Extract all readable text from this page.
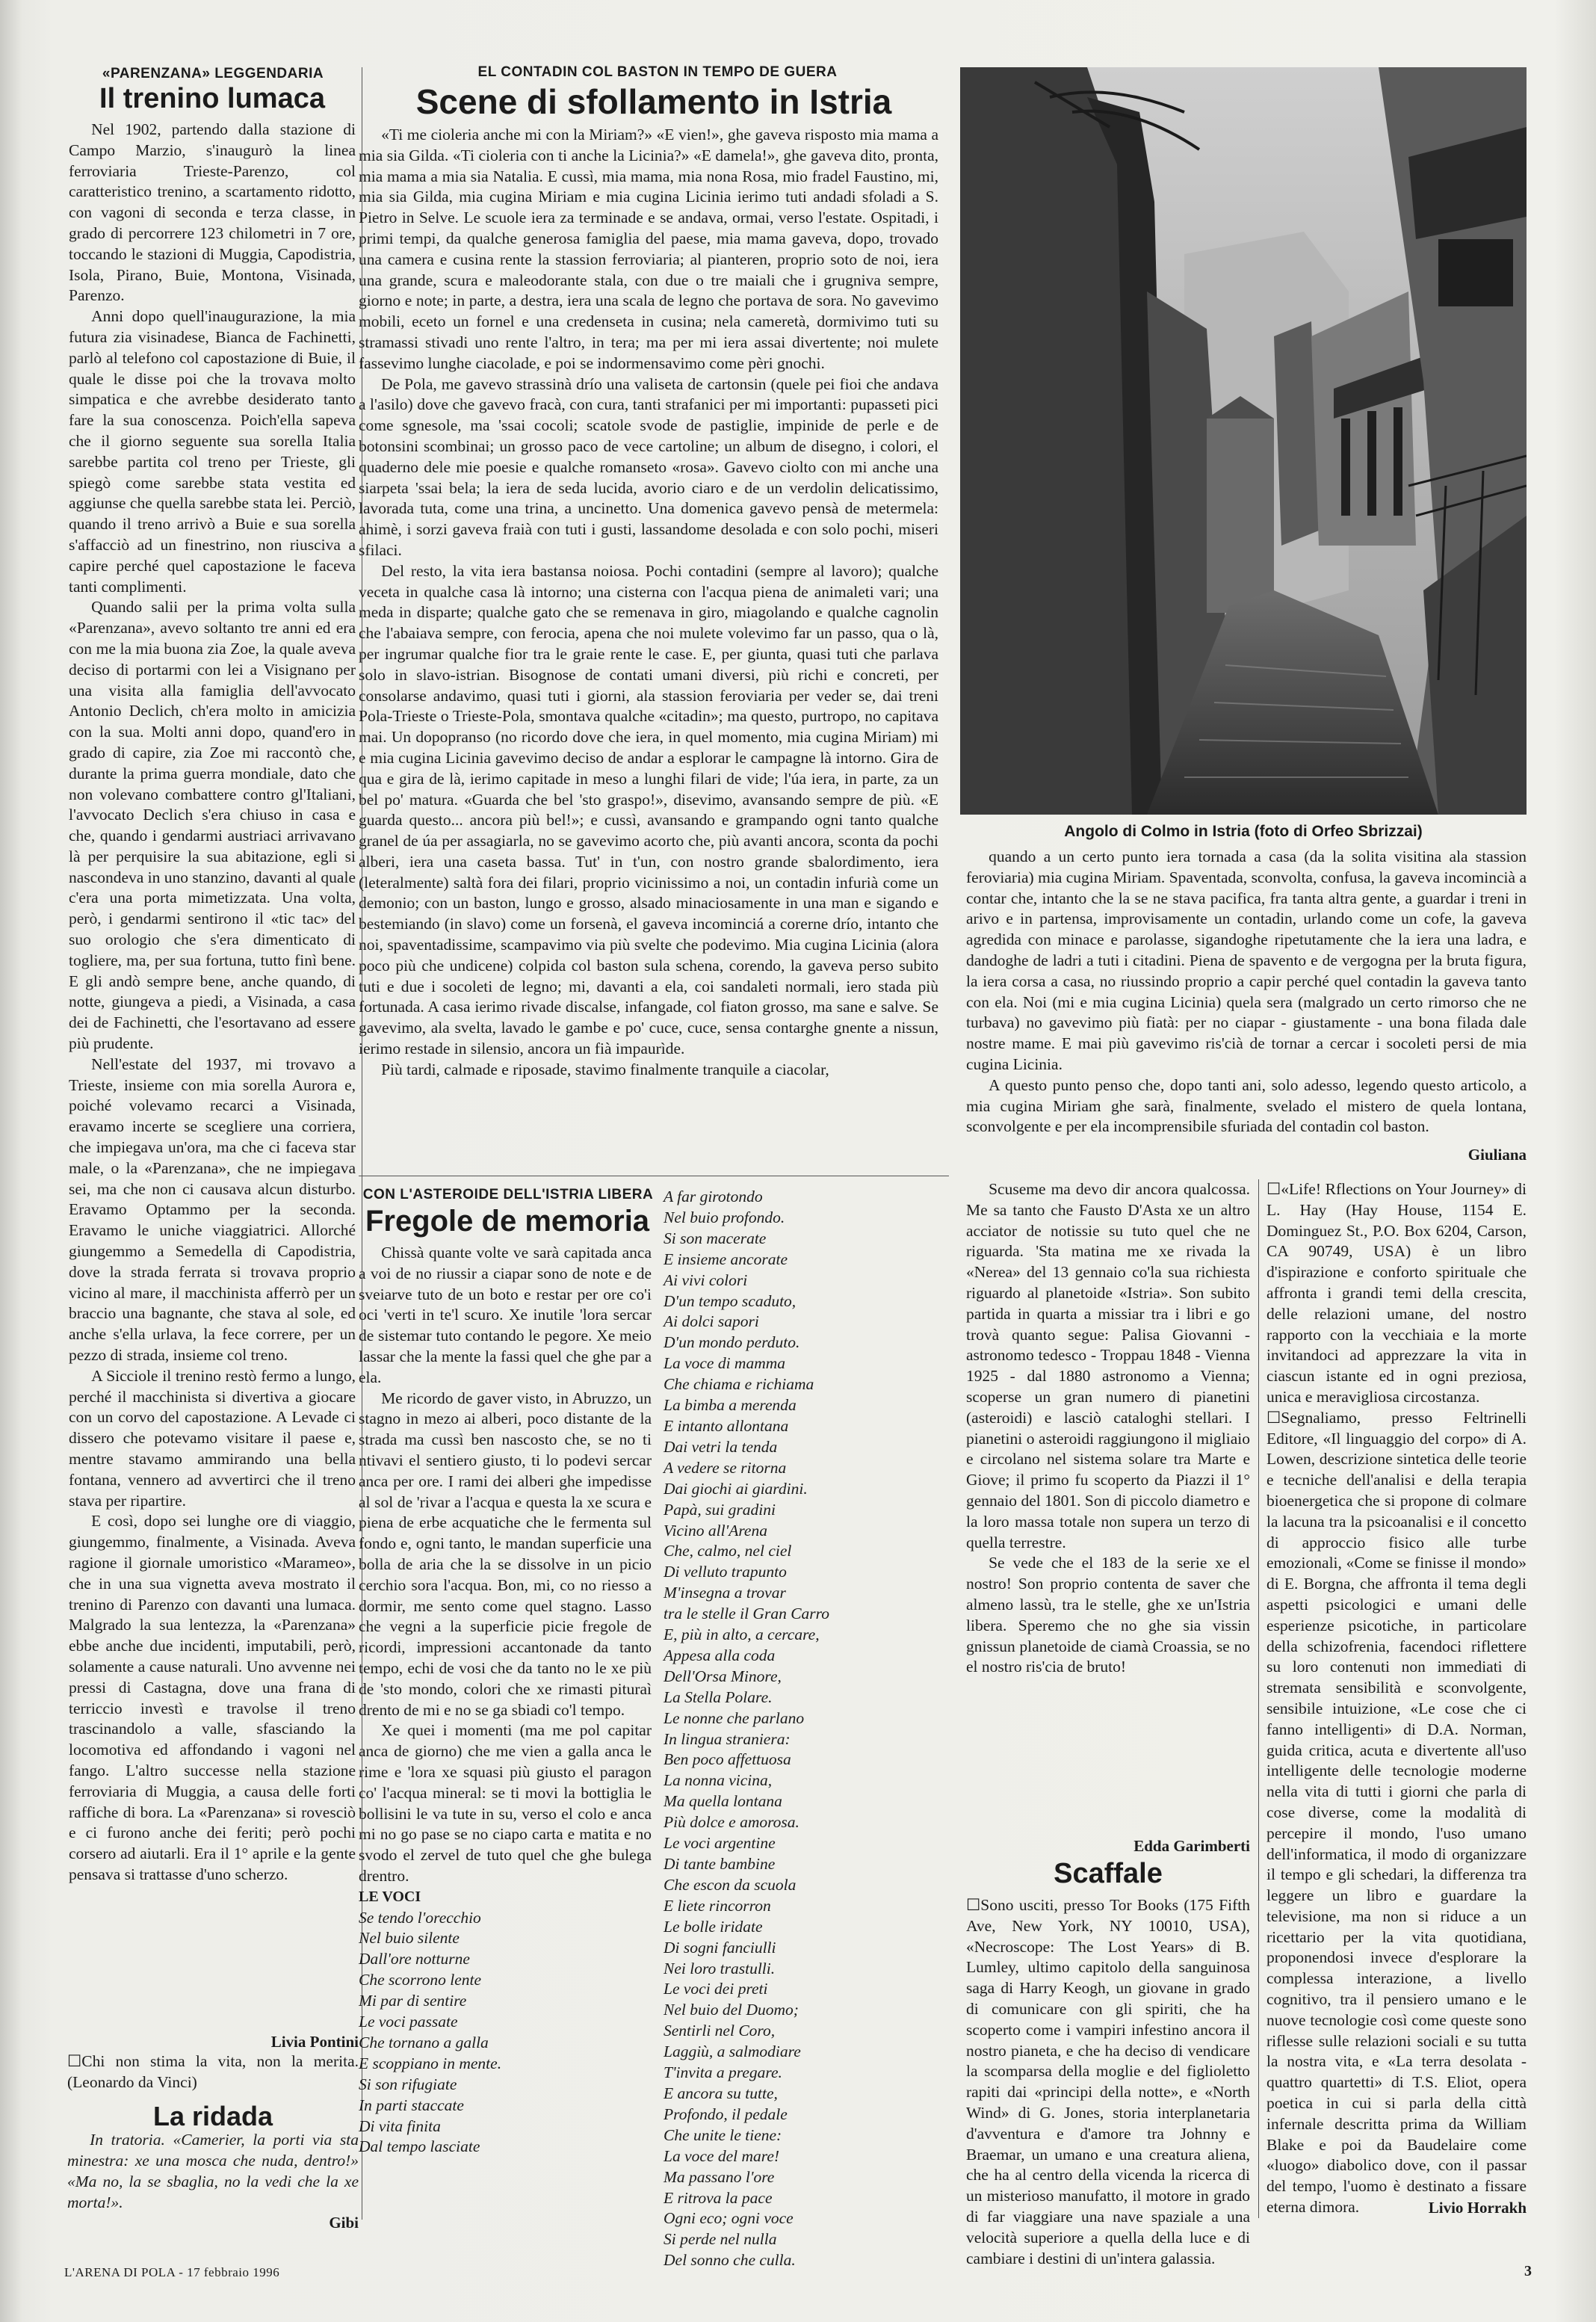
«PARENZANA» LEGGENDARIA
Il trenino lumaca

Nel 1902, partendo dalla stazione di Campo Marzio, s'inaugurò la linea ferroviaria Trieste-Parenzo, col caratteristico trenino, a scartamento ridotto, con vagoni di seconda e terza classe, in grado di percorrere 123 chilometri in 7 ore, toccando le stazioni di Muggia, Capodistria, Isola, Pirano, Buie, Montona, Visinada, Parenzo.

Anni dopo quell'inaugurazione, la mia futura zia visinadese, Bianca de Fachinetti, parlò al telefono col capostazione di Buie, il quale le disse poi che la trovava molto simpatica e che avrebbe desiderato tanto fare la sua conoscenza. Poich'ella sapeva che il giorno seguente sua sorella Italia sarebbe partita col treno per Trieste, gli spiegò come sarebbe stata vestita ed aggiunse che quella sarebbe stata lei. Perciò, quando il treno arrivò a Buie e sua sorella s'affacciò ad un finestrino, non riusciva a capire perché quel capostazione le faceva tanti complimenti.

Quando salii per la prima volta sulla «Parenzana», avevo soltanto tre anni ed era con me la mia buona zia Zoe, la quale aveva deciso di portarmi con lei a Visignano per una visita alla famiglia dell'avvocato Antonio Declich, ch'era molto in amicizia con la sua. Molti anni dopo, quand'ero in grado di capire, zia Zoe mi raccontò che, durante la prima guerra mondiale, dato che non volevano combattere contro gl'Italiani, l'avvocato Declich s'era chiuso in casa e che, quando i gendarmi austriaci arrivavano là per perquisire la sua abitazione, egli si nascondeva in uno stanzino, davanti al quale c'era una porta mimetizzata. Una volta, però, i gendarmi sentirono il «tic tac» del suo orologio che s'era dimenticato di togliere, ma, per sua fortuna, tutto finì bene. E gli andò sempre bene, anche quando, di notte, giungeva a piedi, a Visinada, a casa dei de Fachinetti, che l'esortavano ad essere più prudente.

Nell'estate del 1937, mi trovavo a Trieste, insieme con mia sorella Aurora e, poiché volevamo recarci a Visinada, eravamo incerte se scegliere una corriera, che impiegava un'ora, ma che ci faceva star male, o la «Parenzana», che ne impiegava sei, ma che non ci causava alcun disturbo. Eravamo Optammo per la seconda. Eravamo le uniche viaggiatrici. Allorché giungemmo a Semedella di Capodistria, dove la strada ferrata si trovava proprio vicino al mare, il macchinista afferrò per un braccio una bagnante, che stava al sole, ed anche s'ella urlava, la fece correre, per un pezzo di strada, insieme col treno.

A Sicciole il trenino restò fermo a lungo, perché il macchinista si divertiva a giocare con un corvo del capostazione. A Levade ci dissero che potevamo visitare il paese e, mentre stavamo ammirando una bella fontana, vennero ad avvertirci che il treno stava per ripartire.

E così, dopo sei lunghe ore di viaggio, giungemmo, finalmente, a Visinada. Aveva ragione il giornale umoristico «Marameo», che in una sua vignetta aveva mostrato il trenino di Parenzo con davanti una lumaca. Malgrado la sua lentezza, la «Parenzana» ebbe anche due incidenti, imputabili, però, solamente a cause naturali. Uno avvenne nei pressi di Castagna, dove una frana di terriccio investì e travolse il treno trascinandolo a valle, sfasciando la locomotiva ed affondando i vagoni nel fango. L'altro successe nella stazione ferroviaria di Muggia, a causa delle forti raffiche di bora. La «Parenzana» si rovesciò e ci furono anche dei feriti; però pochi corsero ad aiutarli. Era il 1° aprile e la gente pensava si trattasse d'uno scherzo.

Livia Pontini
☐ Chi non stima la vita, non la merita. (Leonardo da Vinci)
La ridada
In tratoria. «Camerier, la porti via sta minestra: xe una mosca che nuda, dentro!» «Ma no, la se sbaglia, no la vedi che la xe morta!».
Gibi
EL CONTADIN COL BASTON IN TEMPO DE GUERA
Scene di sfollamento in Istria

«Ti me cioleria anche mi con la Miriam?» «E vien!», ghe gaveva risposto mia mama a mia sia Gilda. «Ti cioleria con ti anche la Licinia?» «E damela!», ghe gaveva dito, pronta, mia mama a mia sia Natalia. E cussì, mia mama, mia nona Rosa, mio fradel Faustino, mi, mia sia Gilda, mia cugina Miriam e mia cugina Licinia ierimo tuti andadi sfoladi a S. Pietro in Selve. Le scuole iera za terminade e se andava, ormai, verso l'estate. Ospitadi, i primi tempi, da qualche generosa famiglia del paese, mia mama gaveva, dopo, trovado una camera e cusina rente la stassion ferroviaria; al pianteren, proprio soto de noi, iera una grande, scura e maleodorante stala, con due o tre maiali che i grugniva sempre, giorno e note; in parte, a destra, iera una scala de legno che portava de sora. No gavevimo mobili, eceto un fornel e una credenseta in cusina; nela cameretà, dormivimo tuti su stramassi stivadi uno rente l'altro, in tera; ma per mi iera assai divertente; noi mulete fassevimo lunghe ciacolade, e poi se indormensavimo come pèri gnochi.

De Pola, me gavevo strassinà drío una valiseta de cartonsin (quele pei fioi che andava a l'asilo) dove che gavevo fracà, con cura, tanti strafanici per mi importanti: pupasseti pici come sgnesole, ma 'ssai cocoli; scatole svode de pastiglie, impinide de perle e de botonsini scombinai; un grosso paco de vece cartoline; un album de disegno, i colori, el quaderno dele mie poesie e qualche romanseto «rosa». Gavevo ciolto con mi anche una siarpeta 'ssai bela; la iera de seda lucida, avorio ciaro e de un verdolin delicatissimo, lavorada tuta, come una trina, a uncinetto. Una domenica gavevo pensà de metermela: ahimè, i sorzi gaveva fraià con tuti i gusti, lassandome desolada e con solo pochi, miseri sfilaci.

Del resto, la vita iera bastansa noiosa. Pochi contadini (sempre al lavoro); qualche veceta in qualche casa là intorno; una cisterna con l'acqua piena de animaleti vari; una meda in disparte; qualche gato che se remenava in giro, miagolando e qualche cagnolin che l'abaiava sempre, con ferocia, apena che noi mulete volevimo far un passo, qua o là, per ingrumar qualche fior tra le graie rente le case. E, per giunta, quasi tuti che parlava solo in slavo-istrian. Bisognose de contati umani diversi, più richi e concreti, per consolarse andavimo, quasi tuti i giorni, ala stassion feroviaria per veder se, dai treni Pola-Trieste o Trieste-Pola, smontava qualche «citadin»; ma questo, purtropo, no capitava mai. Un dopopranso (no ricordo dove che iera, in quel momento, mia cugina Miriam) mi e mia cugina Licinia gavevimo deciso de andar a esplorar le campagne là intorno. Gira de qua e gira de là, ierimo capitade in meso a lunghi filari de vide; l'úa iera, in parte, za un bel po' matura. «Guarda che bel 'sto graspo!», disevimo, avansando sempre de più. «E guarda questo... ancora più bel!»; e cussì, avansando e grampando ogni tanto qualche granel de úa per assagiarla, no se gavevimo acorto che, più avanti ancora, sconta da pochi alberi, iera una caseta bassa. Tut' in t'un, con nostro grande sbalordimento, iera (leteralmente) saltà fora dei filari, proprio vicinissimo a noi, un contadin infurià come un demonio; con un baston, lungo e grosso, alsado minaciosamente in una man e sigando e bestemiando (in slavo) come un forsenà, el gaveva incominciá a corerne drío, intanto che noi, spaventadissime, scampavimo via più svelte che podevimo. Mia cugina Licinia (alora poco più che undicene) colpida col baston sula schena, corendo, la gaveva perso subito tuti e due i socoleti de legno; mi, davanti a ela, coi sandaleti normali, iero stada più fortunada. A casa ierimo rivade discalse, infangade, col fiaton grosso, ma sane e salve. Se gavevimo, ala svelta, lavado le gambe e po' cuce, cuce, sensa contarghe gnente a nissun, ierimo restade in silensio, ancora un fià impaurìde.

Più tardi, calmade e riposade, stavimo finalmente tranquile a ciacolar,

Angolo di Colmo in Istria (foto di Orfeo Sbrizzai)

quando a un certo punto iera tornada a casa (da la solita visitina ala stassion feroviaria) mia cugina Miriam. Spaventada, sconvolta, confusa, la gaveva incomincià a contar che, intanto che la se ne stava pacifica, fra tanta altra gente, a guardar i treni in arivo e in partensa, improvisamente un contadin, urlando come un cofe, la gaveva agredida con minace e parolasse, sigandoghe ripetutamente che la iera una ladra, e dandoghe de ladri a tuti i citadini. Piena de spavento e de vergogna per la bruta figura, la iera corsa a casa, no riussindo proprio a capir perché quel contadin la gaveva tanto con ela. Noi (mi e mia cugina Licinia) quela sera (malgrado un certo rimorso che ne turbava) no gavevimo più fiatà: per no ciapar - giustamente - una bona filada dale nostre mame. E mai più gavevimo ris'cià de tornar a cercar i socoleti persi de mia cugina Licinia.

A questo punto penso che, dopo tanti ani, solo adesso, legendo questo articolo, a mia cugina Miriam ghe sarà, finalmente, svelado el mistero de quela lontana, sconvolgente e per ela incomprensibile sfuriada del contadin col baston.

Giuliana
CON L'ASTEROIDE DELL'ISTRIA LIBERA
Fregole de memoria

Chissà quante volte ve sarà capitada anca a voi de no riussir a ciapar sono de note e de sveiarve tuto de un boto e restar per ore co'i oci 'verti in te'l scuro. Xe inutile 'lora sercar de sistemar tuto contando le pegore. Xe meio lassar che la mente la fassi quel che ghe par a ela.

Me ricordo de gaver visto, in Abruzzo, un stagno in mezo ai alberi, poco distante de la strada ma cussì ben nascosto che, se no ti ntivavi el sentiero giusto, ti lo podevi sercar anca per ore. I rami dei alberi ghe impedisse al sol de 'rivar a l'acqua e questa la xe scura e piena de erbe acquatiche che le fermenta sul fondo e, ogni tanto, le mandan superficie una bolla de aria che la se dissolve in un picio cerchio sora l'acqua. Bon, mi, co no riesso a dormir, me sento come quel stagno. Lasso che vegni a la superficie picie fregole de ricordi, impressioni accantonade da tanto tempo, echi de vosi che da tanto no le xe più de 'sto mondo, colori che xe rimasti pituraì drento de mi e no se ga sbiadi co'l tempo.

Xe quei i momenti (ma me pol capitar anca de giorno) che me vien a galla anca le rime e 'lora xe squasi più giusto el paragon co' l'acqua mineral: se ti movi la bottiglia le bollisini le va tute in su, verso el colo e anca mi no go pase se no ciapo carta e matita e no svodo el zervel de tuto quel che ghe bulega drentro.

LE VOCI
Se tendo l'orecchio
Nel buio silente
Dall'ore notturne
Che scorrono lente
Mi par di sentire
Le voci passate
Che tornano a galla
E scoppiano in mente.
Si son rifugiate
In parti staccate
Di vita finita
Dal tempo lasciate
A far girotondo
Nel buio profondo.
Si son macerate
E insieme ancorate
Ai vivi colori
D'un tempo scaduto,
Ai dolci sapori
D'un mondo perduto.
La voce di mamma
Che chiama e richiama
La bimba a merenda
E intanto allontana
Dai vetri la tenda
A vedere se ritorna
Dai giochi ai giardini.
Papà, sui gradini
Vicino all'Arena
Che, calmo, nel ciel
Di velluto trapunto
M'insegna a trovar
tra le stelle il Gran Carro
E, più in alto, a cercare,
Appesa alla coda
Dell'Orsa Minore,
La Stella Polare.
Le nonne che parlano
In lingua straniera:
Ben poco affettuosa
La nonna vicina,
Ma quella lontana
Più dolce e amorosa.
Le voci argentine
Di tante bambine
Che escon da scuola
E liete rincorron
Le bolle iridate
Di sogni fanciulli
Nei loro trastulli.
Le voci dei preti
Nel buio del Duomo;
Sentirli nel Coro,
Laggiù, a salmodiare
T'invita a pregare.
E ancora su tutte,
Profondo, il pedale
Che unite le tiene:
La voce del mare!
Ma passano l'ore
E ritrova la pace
Ogni eco; ogni voce
Si perde nel nulla
Del sonno che culla.

Scuseme ma devo dir ancora qualcossa. Me sa tanto che Fausto D'Asta xe un altro acciator de notissie su tuto quel che ne riguarda. 'Sta matina me xe rivada la «Nerea» del 13 gennaio co'la sua richiesta riguardo al planetoide «Istria». Son subito partida in quarta a missiar tra i libri e go trovà quanto segue: Palisa Giovanni - astronomo tedesco - Troppau 1848 - Vienna 1925 - dal 1880 astronomo a Vienna; scoperse un gran numero di pianetini (asteroidi) e lasciò cataloghi stellari. I pianetini o asteroidi raggiungono il migliaio e circolano nel sistema solare tra Marte e Giove; il primo fu scoperto da Piazzi il 1° gennaio del 1801. Son di piccolo diametro e la loro massa totale non supera un terzo di quella terrestre.

Se vede che el 183 de la serie xe el nostro! Son proprio contenta de saver che almeno lassù, tra le stelle, ghe xe un'Istria libera. Speremo che no ghe sia vissin gnissun planetoide de ciamà Croassia, se no el nostro ris'cia de bruto!

Edda Garimberti
Scaffale
☐ Sono usciti, presso Tor Books (175 Fifth Ave, New York, NY 10010, USA), «Necroscope: The Lost Years» di B. Lumley, ultimo capitolo della sanguinosa saga di Harry Keogh, un giovane in grado di comunicare con gli spiriti, che ha scoperto come i vampiri infestino ancora il nostro pianeta, e che ha deciso di vendicare la scomparsa della moglie e del figlioletto rapiti dai «principi della notte», e «North Wind» di G. Jones, storia interplanetaria d'avventura e d'amore tra Johnny e Braemar, un umano e una creatura aliena, che ha al centro della vicenda la ricerca di un misterioso manufatto, il motore in grado di far viaggiare una nave spaziale a una velocità superiore a quella della luce e di cambiare i destini di un'intera galassia.

☐ «Life! Rflections on Your Journey» di L. Hay (Hay House, 1154 E. Dominguez St., P.O. Box 6204, Carson, CA 90749, USA) è un libro d'ispirazione e conforto spirituale che affronta i grandi temi della crescita, delle relazioni umane, del nostro rapporto con la vecchiaia e la morte invitandoci ad apprezzare la vita in ciascun istante ed in ogni preziosa, unica e meravigliosa circostanza.

☐ Segnaliamo, presso Feltrinelli Editore, «Il linguaggio del corpo» di A. Lowen, descrizione sintetica delle teorie e tecniche dell'analisi e della terapia bioenergetica che si propone di colmare la lacuna tra la psicoanalisi e il concetto di approccio fisico alle turbe emozionali, «Come se finisse il mondo» di E. Borgna, che affronta il tema degli aspetti psicologici e umani delle esperienze psicotiche, in particolare della schizofrenia, facendoci riflettere su loro contenuti non immediati di stremata sensibilità e sconvolgente, sensibile intuizione, «Le cose che ci fanno intelligenti» di D.A. Norman, guida critica, acuta e divertente all'uso intelligente delle tecnologie moderne nella vita di tutti i giorni che parla di cose diverse, come la modalità di percepire il mondo, l'uso umano dell'informatica, il modo di organizzare il tempo e gli schedari, la differenza tra leggere un libro e guardare la televisione, ma non si riduce a un ricettario per la vita quotidiana, proponendosi invece d'esplorare la complessa interazione, a livello cognitivo, tra il pensiero umano e le nuove tecnologie così come queste sono riflesse sulle relazioni sociali e su tutta la nostra vita, e «La terra desolata - quattro quartetti» di T.S. Eliot, opera poetica in cui si parla della città infernale descritta prima da William Blake e poi da Baudelaire come «luogo» diabolico dove, con il passar del tempo, l'uomo è destinato a fissare eterna dimora.	Livio Horrakh
L'ARENA DI POLA - 17 febbraio 1996	3
